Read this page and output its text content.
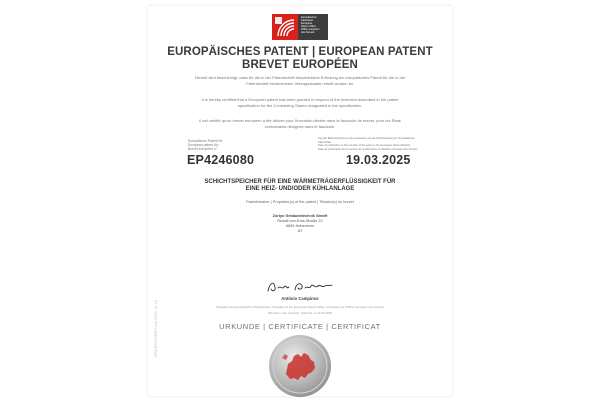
EPA/EPO/OEB Form 2004 10.15
Europäisches
Patentamt
European
Patent Office
Office européen
des brevets
EUROPÄISCHES PATENT | EUROPEAN PATENT
BREVET EUROPÉEN
Hiermit wird bescheinigt, dass für die in der Patentschrift beschriebene Erfindung ein europäisches Patent für die in der Patentschrift bezeichneten Vertragsstaaten erteilt worden ist.
It is hereby certified that a European patent has been granted in respect of the invention described in the patent specification for the Contracting States designated in the specification.
Il est certifié qu'un brevet européen a été délivré pour l'invention décrite dans le fascicule de brevet, pour les États contractants désignés dans le fascicule.
Europäische Patent Nr.
European patent No.
Brevet européen n°
Tag der Bekanntmachung des Hinweises auf die Patenterteilung im Europäischen Patentblatt
Date of publication of the mention of the grant in the European Patent Bulletin
Date de publication de la mention de la délivrance au Bulletin européen des brevets
EP4246080	19.03.2025
SCHICHTSPEICHER FÜR EINE WÄRMETRÄGERFLÜSSIGKEIT FÜR
EINE HEIZ- UND/ODER KÜHLANLAGE
Patentinhaber | Proprietor(s) of the patent | Titulaire(s) du brevet
Zortyo Gebäudetechnik GmbH
Rudolf-von-Ems-Straße 22
6845 Hohenems
AT
António Campinos
Präsident des Europäischen Patentamts | President of the European Patent Office | Président de l'Office européen des brevets
München, den | Munich, | Munich, le 19.03.2025
URKUNDE | CERTIFICATE | CERTIFICAT
